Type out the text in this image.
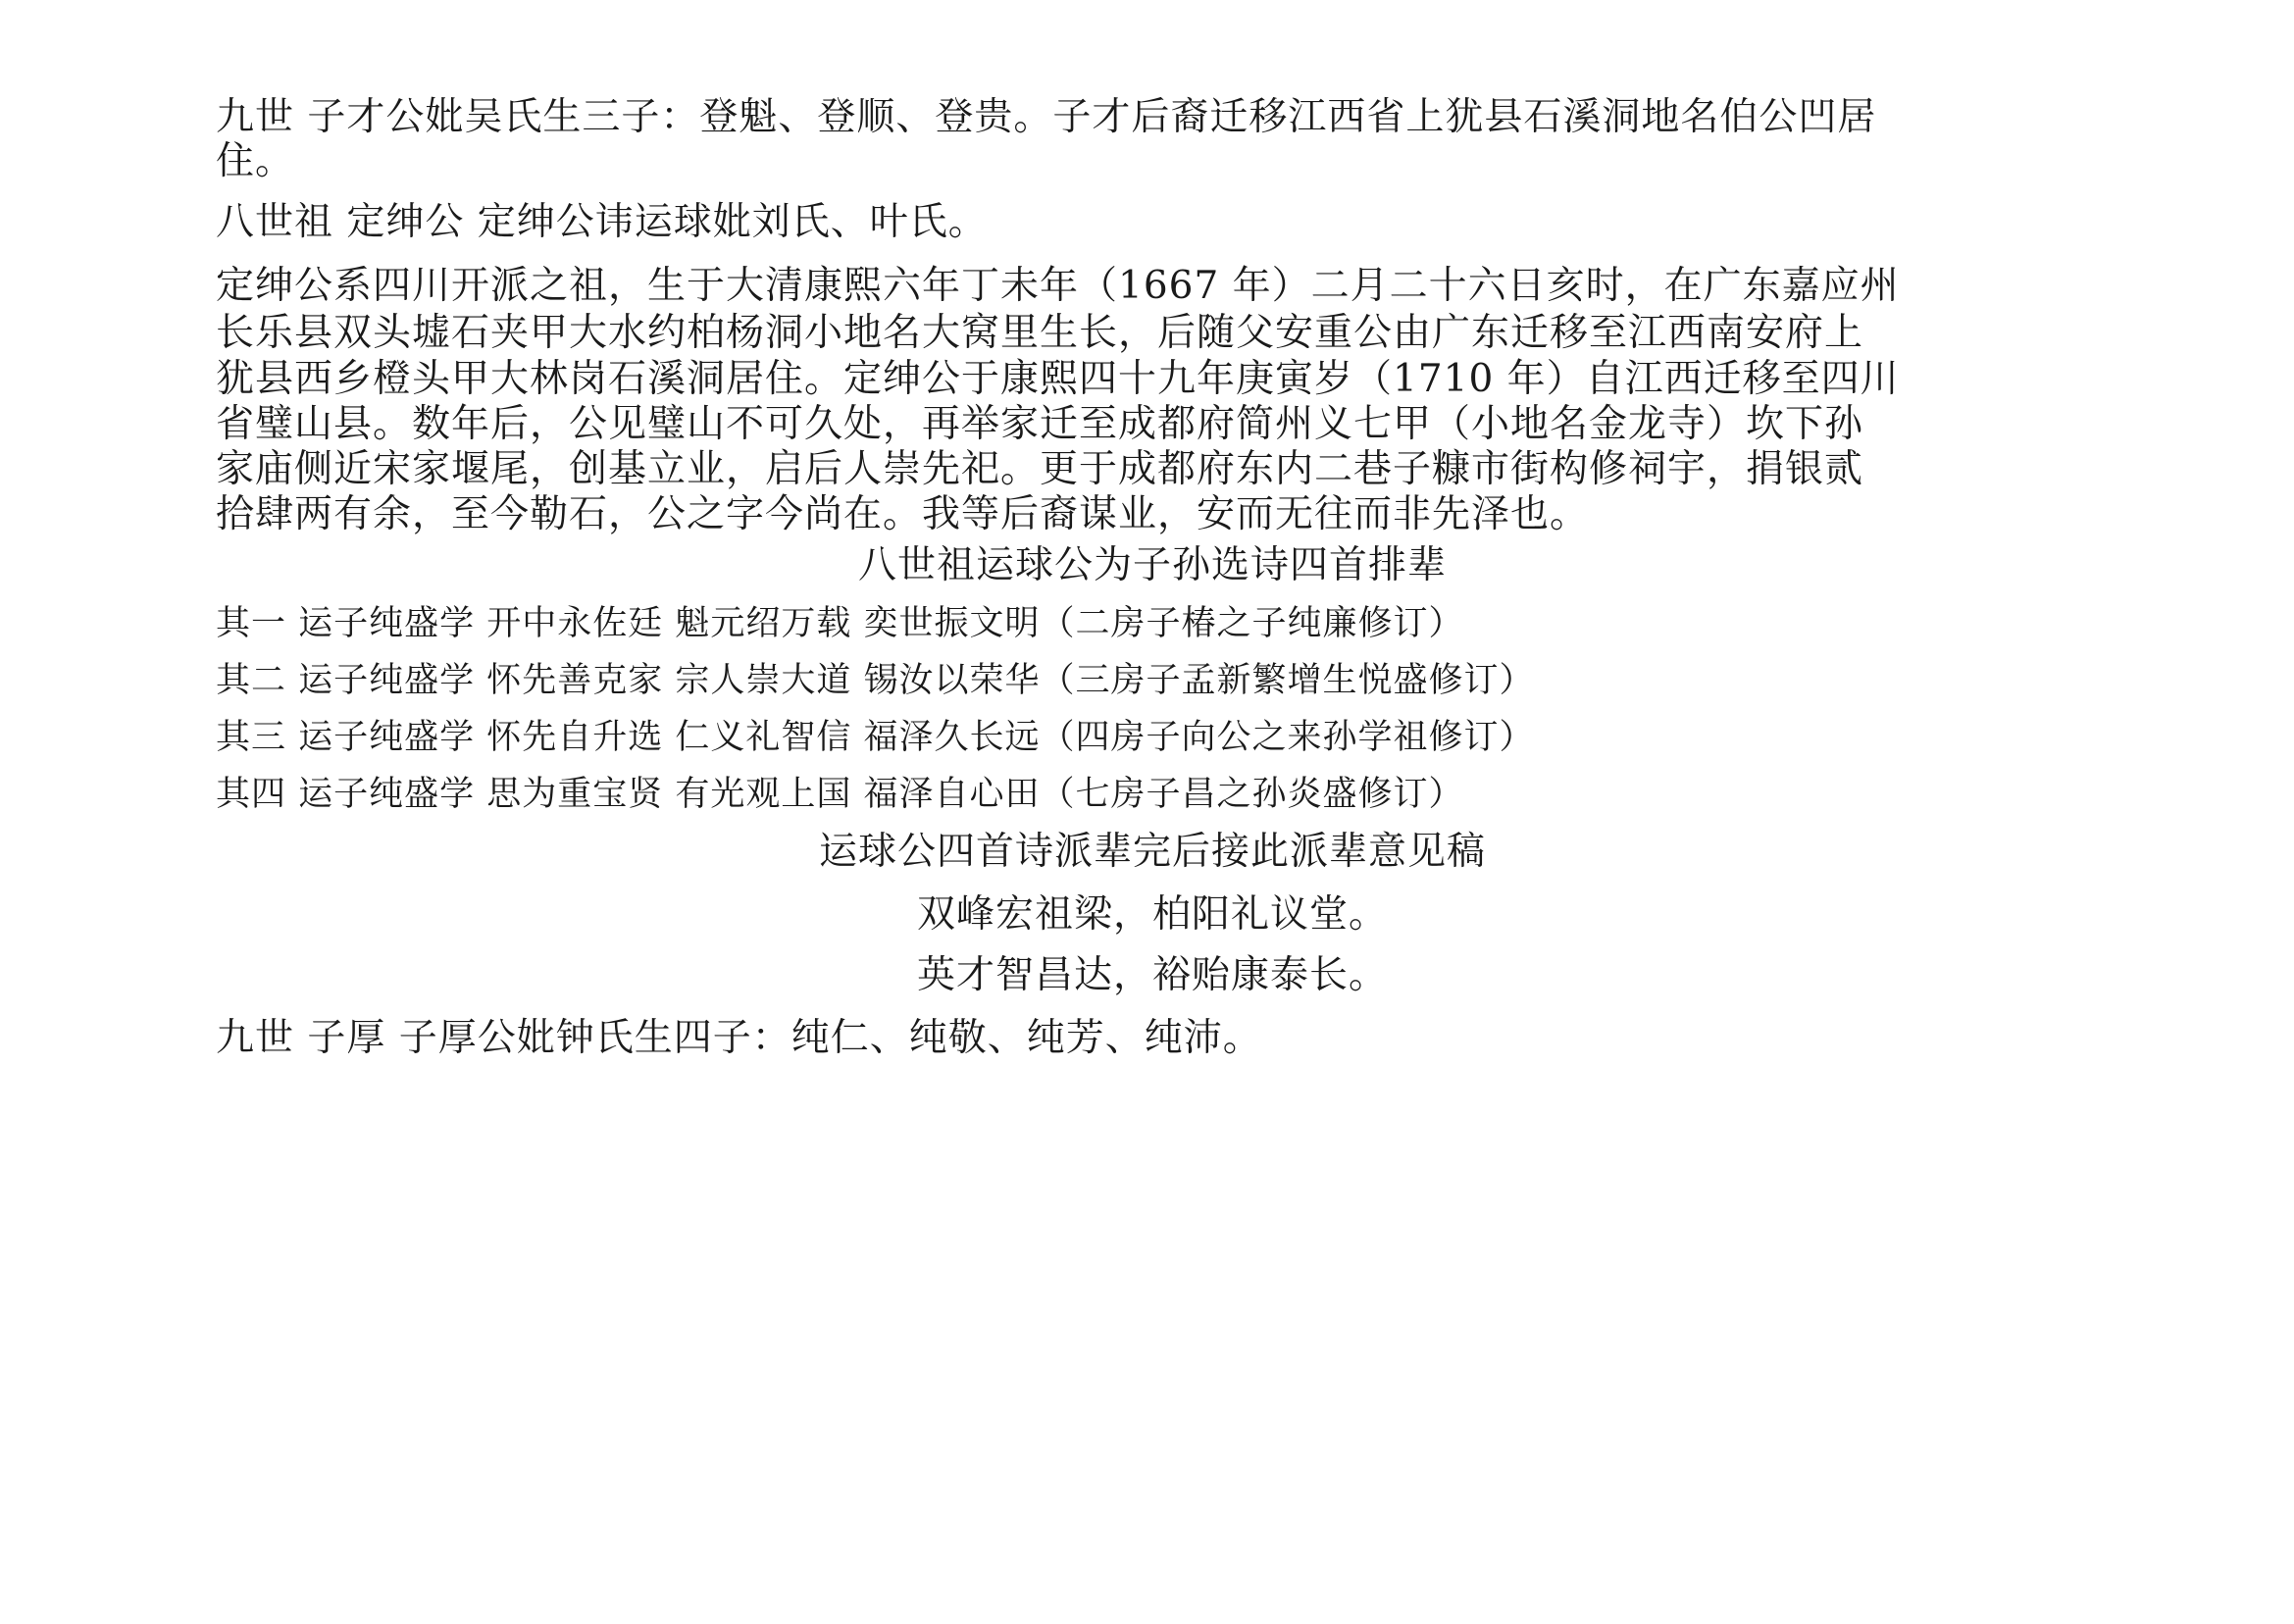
九世 子才公妣吴氏生三子：登魁、登顺、登贵。子才后裔迁移江西省上犹县石溪洞地名伯公凹居
住。
八世祖 定绅公 定绅公讳运球妣刘氏、叶氏。
定绅公系四川开派之祖，生于大清康熙六年丁未年（1667 年）二月二十六日亥时，在广东嘉应州
长乐县双头墟石夹甲大水约柏杨洞小地名大窝里生长，后随父安重公由广东迁移至江西南安府上
犹县西乡橙头甲大林岗石溪洞居住。定绅公于康熙四十九年庚寅岁（1710 年）自江西迁移至四川
省璧山县。数年后，公见璧山不可久处，再举家迁至成都府简州义七甲（小地名金龙寺）坎下孙
家庙侧近宋家堰尾，创基立业，启后人崇先祀。更于成都府东内二巷子糠市街构修祠宇，捐银贰
拾肆两有余，至今勒石，公之字今尚在。我等后裔谋业，安而无往而非先泽也。
八世祖运球公为子孙选诗四首排辈
其一 运子纯盛学 开中永佐廷 魁元绍万载 奕世振文明（二房子椿之子纯廉修订）
其二 运子纯盛学 怀先善克家 宗人崇大道 锡汝以荣华（三房子孟新繁增生悦盛修订）
其三 运子纯盛学 怀先自升选 仁义礼智信 福泽久长远（四房子向公之来孙学祖修订）
其四 运子纯盛学 思为重宝贤 有光观上国 福泽自心田（七房子昌之孙炎盛修订）
运球公四首诗派辈完后接此派辈意见稿
双峰宏祖梁，柏阳礼议堂。
英才智昌达，裕贻康泰长。
九世 子厚 子厚公妣钟氏生四子：纯仁、纯敬、纯芳、纯沛。
